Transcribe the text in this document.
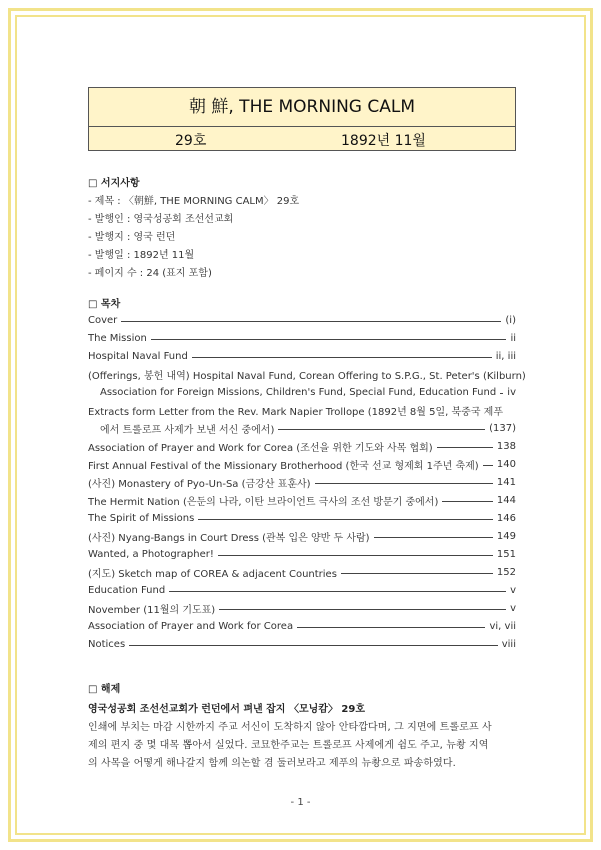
朝 鮮, THE MORNING CALM
29호	1892년 11월
□ 서지사항
- 제목 : 〈朝鮮, THE MORNING CALM〉 29호
- 발행인 : 영국성공회 조선선교회
- 발행지 : 영국 런던
- 발행일 : 1892년 11월
- 페이지 수 : 24 (표지 포함)
□ 목차
Cover	(i)
The Mission	ii
Hospital Naval Fund	ii, iii
(Offerings, 봉헌 내역) Hospital Naval Fund, Corean Offering to S.P.G., St. Peter's (Kilburn)
Association for Foreign Missions, Children's Fund, Special Fund, Education Fund iv
Extracts form Letter from the Rev. Mark Napier Trollope (1892년 8월 5일, 북중국 제푸
에서 트롤로프 사제가 보낸 서신 중에서)	(137)
Association of Prayer and Work for Corea (조선을 위한 기도와 사목 협회)	138
First Annual Festival of the Missionary Brotherhood (한국 선교 형제회 1주년 축제) 140
(사진) Monastery of Pyo-Un-Sa (금강산 표훈사)	141
The Hermit Nation (은둔의 나라, 이탄 브라이언트 극사의 조선 방문기 중에서)	144
The Spirit of Missions	146
(사진) Nyang-Bangs in Court Dress (관복 입은 양반 두 사람)	149
Wanted, a Photographer!	151
(지도) Sketch map of COREA & adjacent Countries	152
Education Fund	v
November (11월의 기도표)	v
Association of Prayer and Work for Corea	vi, vii
Notices	viii
□ 해제
영국성공회 조선선교회가 런던에서 펴낸 잡지 〈모닝캄〉 29호
인쇄에 부치는 마감 시한까지 주교 서신이 도착하지 않아 안타깝다며, 그 지면에 트롤로프 사
제의 편지 중 몇 대목 뽑아서 실었다. 코묘한주교는 트롤로프 사제에게 쉼도 주고, 뉴촹 지역
의 사목을 어떻게 해나갈지 함께 의논할 겸 둘러보라고 제푸의 뉴촹으로 파송하였다.
- 1 -
